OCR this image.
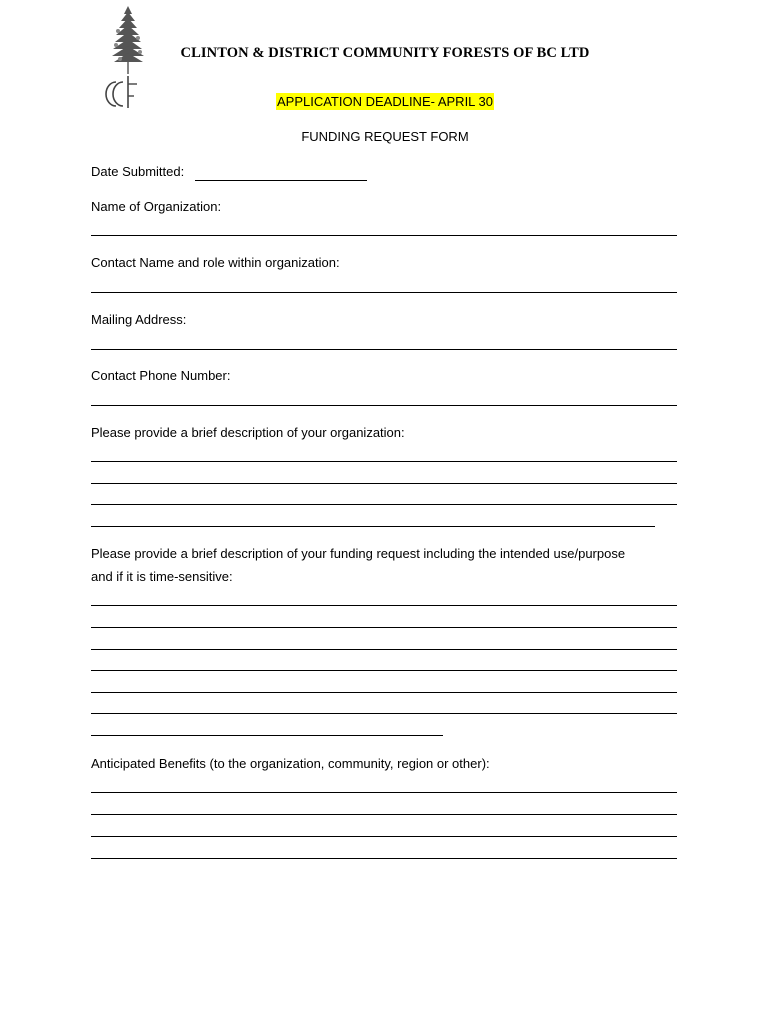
CLINTON & DISTRICT COMMUNITY FORESTS OF BC LTD
APPLICATION DEADLINE- APRIL 30
FUNDING REQUEST FORM
Date Submitted:
Name of Organization:
Contact Name and role within organization:
Mailing Address:
Contact Phone Number:
Please provide a brief description of your organization:
Please provide a brief description of your funding request including the intended use/purpose
and if it is time-sensitive:
Anticipated Benefits (to the organization, community, region or other):
